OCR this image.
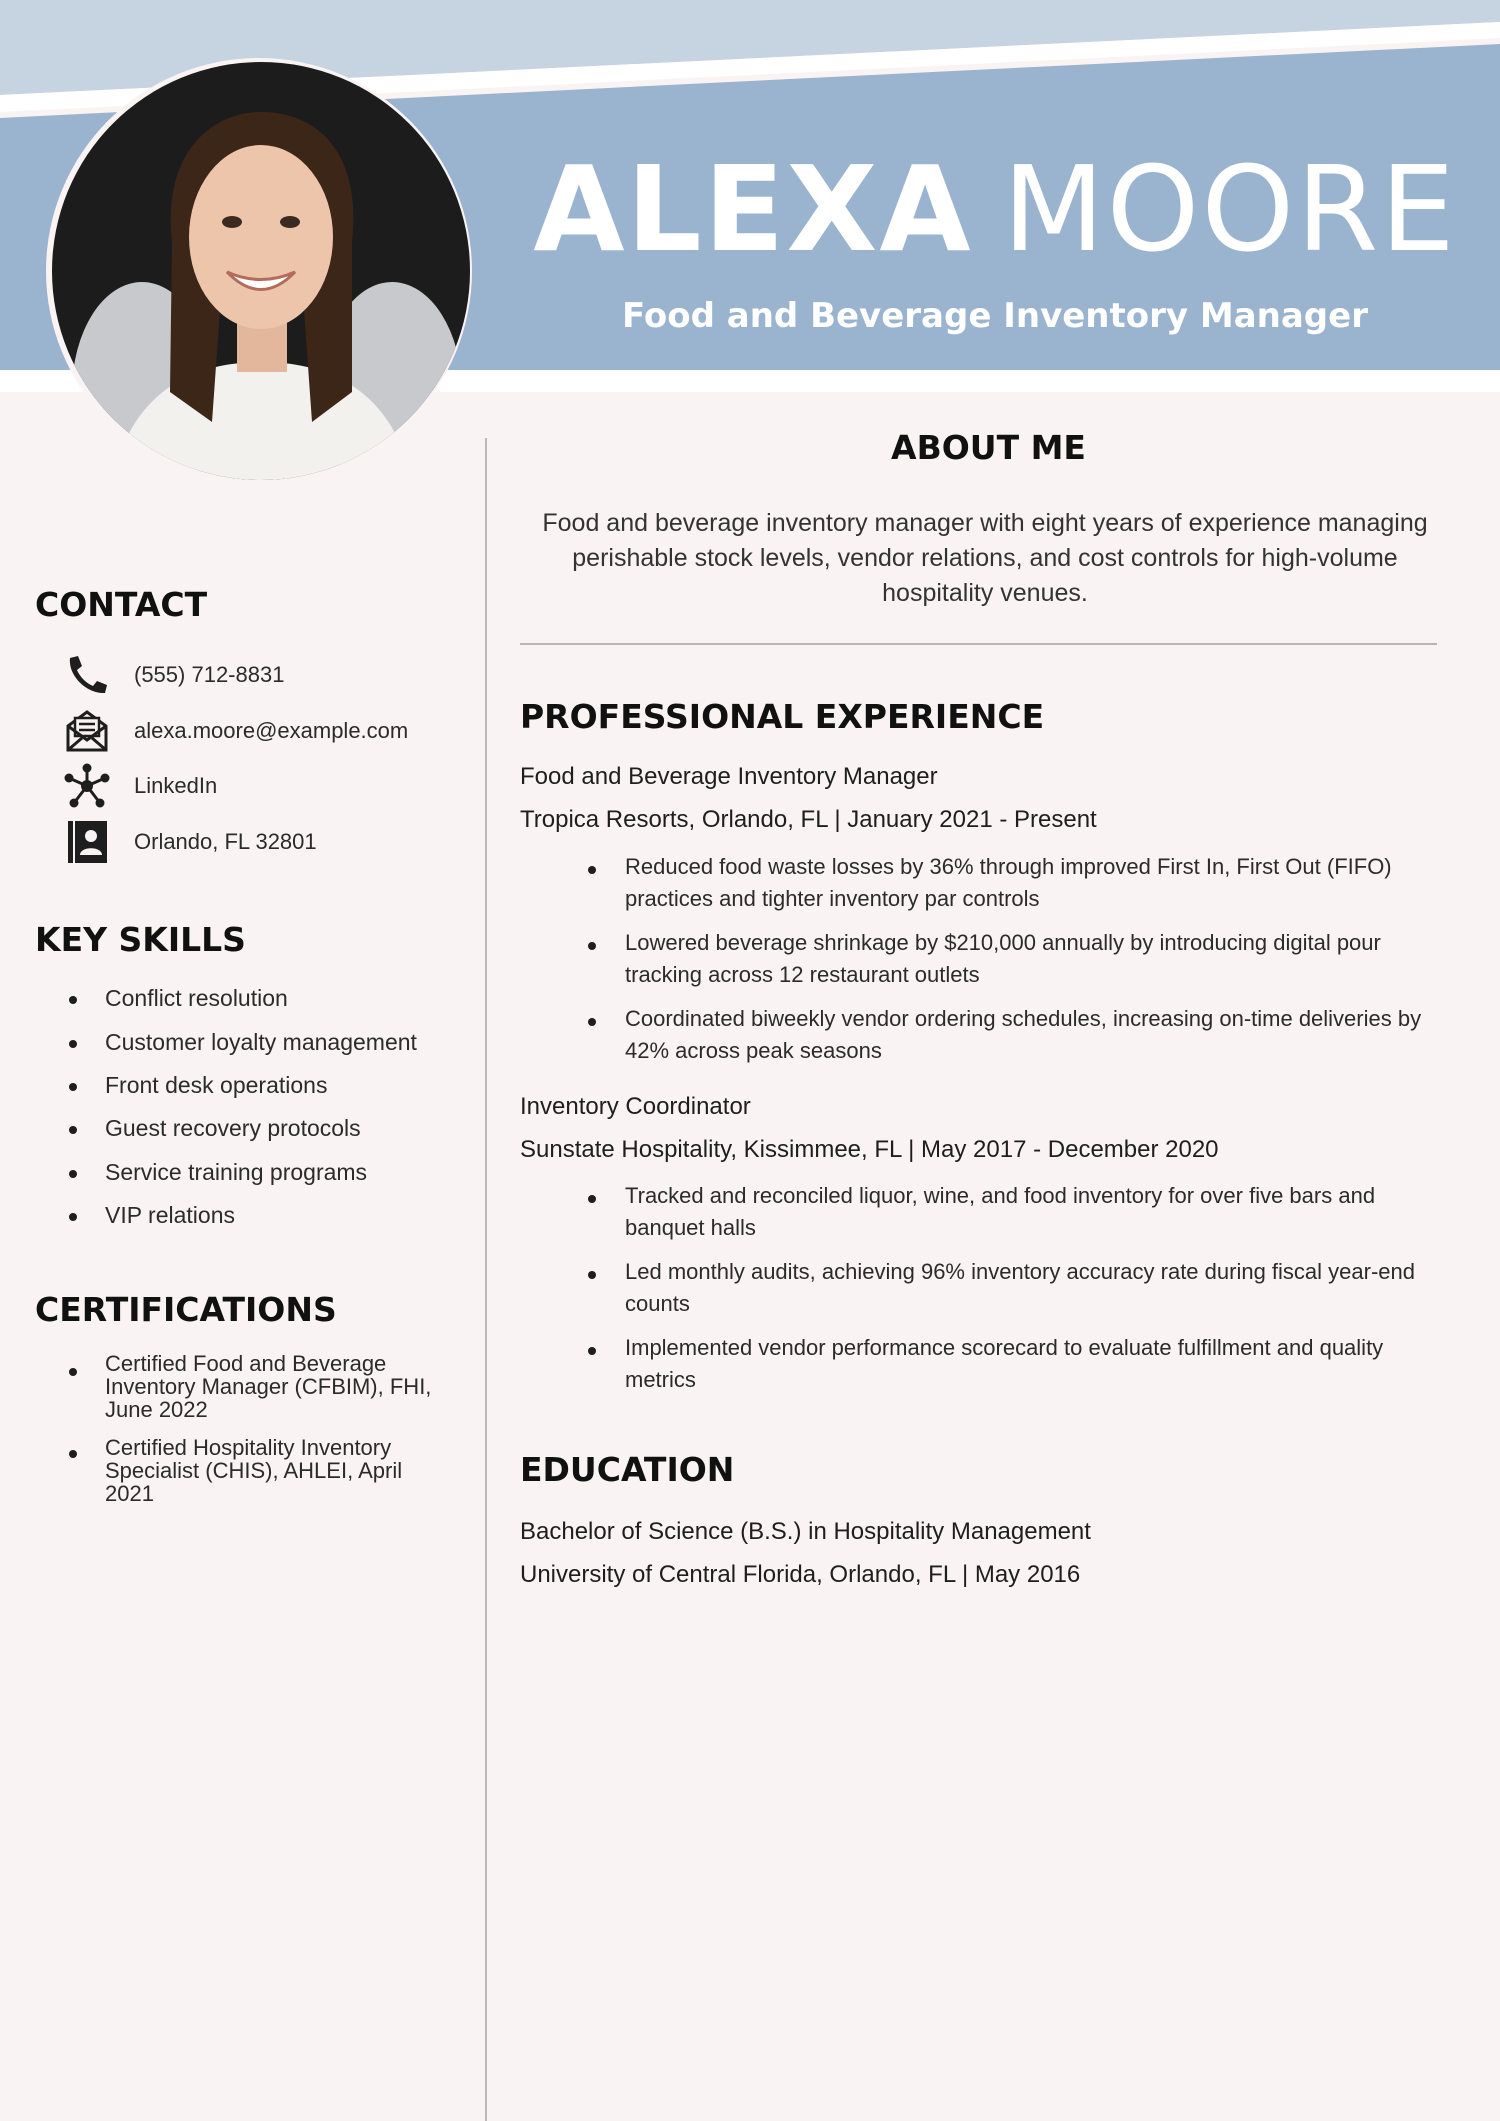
ALEXA MOORE
Food and Beverage Inventory Manager
CONTACT
(555) 712-8831
alexa.moore@example.com
LinkedIn
Orlando, FL 32801
KEY SKILLS
Conflict resolution
Customer loyalty management
Front desk operations
Guest recovery protocols
Service training programs
VIP relations
CERTIFICATIONS
Certified Food and Beverage Inventory Manager (CFBIM), FHI, June 2022
Certified Hospitality Inventory Specialist (CHIS), AHLEI, April 2021
ABOUT ME
Food and beverage inventory manager with eight years of experience managing perishable stock levels, vendor relations, and cost controls for high-volume hospitality venues.
PROFESSIONAL EXPERIENCE
Food and Beverage Inventory Manager
Tropica Resorts, Orlando, FL | January 2021 - Present
Reduced food waste losses by 36% through improved First In, First Out (FIFO) practices and tighter inventory par controls
Lowered beverage shrinkage by $210,000 annually by introducing digital pour tracking across 12 restaurant outlets
Coordinated biweekly vendor ordering schedules, increasing on-time deliveries by 42% across peak seasons
Inventory Coordinator
Sunstate Hospitality, Kissimmee, FL | May 2017 - December 2020
Tracked and reconciled liquor, wine, and food inventory for over five bars and banquet halls
Led monthly audits, achieving 96% inventory accuracy rate during fiscal year-end counts
Implemented vendor performance scorecard to evaluate fulfillment and quality metrics
EDUCATION
Bachelor of Science (B.S.) in Hospitality Management
University of Central Florida, Orlando, FL | May 2016
